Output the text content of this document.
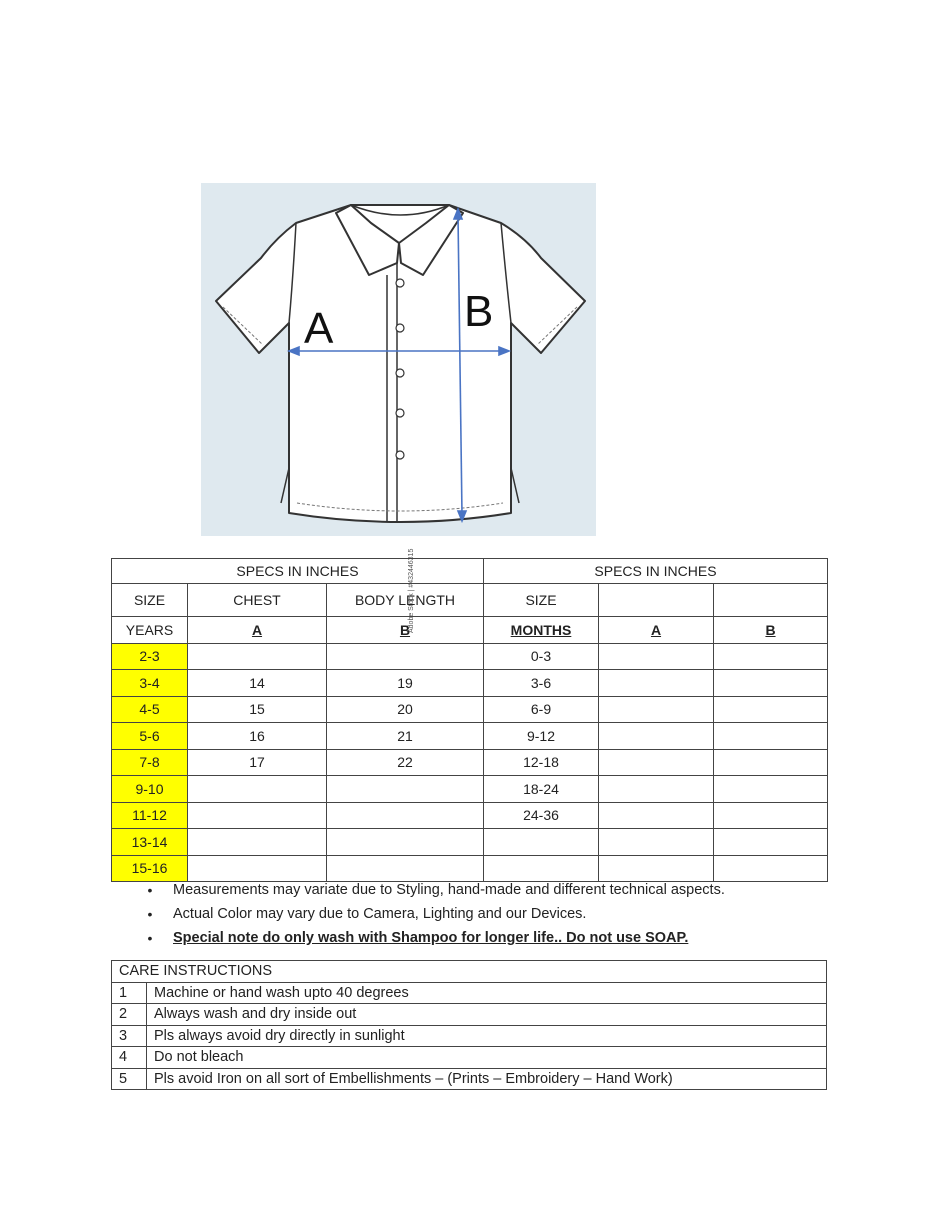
A	B
Adobe Stock | #432446315
SPECS IN INCHES			SPECS IN INCHES		
SIZE	CHEST	BODY LENGTH	SIZE		
YEARS	A	B	MONTHS	A	B
2-3			0-3		
3-4	14	19	3-6		
4-5	15	20	6-9		
5-6	16	21	9-12		
7-8	17	22	12-18		
9-10			18-24		
11-12			24-36		
13-14					
15-16					
• Measurements may variate due to Styling, hand-made and different technical aspects.
• Actual Color may vary due to Camera, Lighting and our Devices.
• Special note do only wash with Shampoo for longer life.. Do not use SOAP.
CARE INSTRUCTIONS	
1	Machine or hand wash upto 40 degrees
2	Always wash and dry inside out
3	Pls always avoid dry directly in sunlight
4	Do not bleach
5	Pls avoid Iron on all sort of Embellishments – (Prints – Embroidery – Hand Work)
